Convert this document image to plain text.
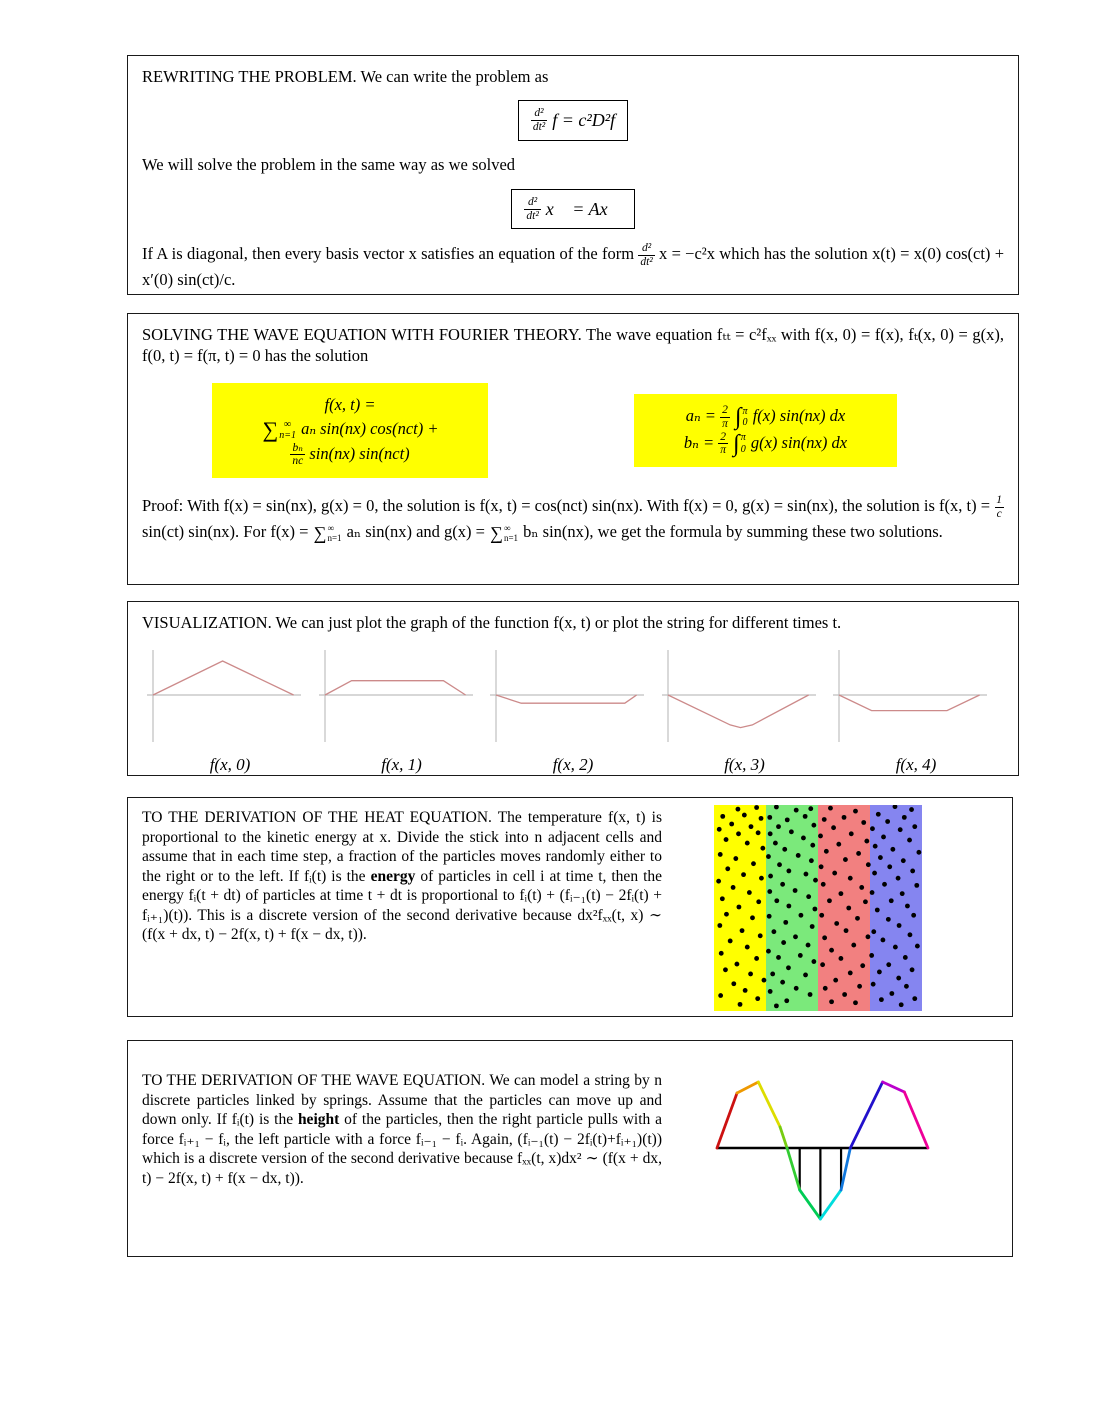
REWRITING THE PROBLEM. We can write the problem as

$\frac{\text{d²}}{\text{dt²}}$ f = c²D²f

We will solve the problem in the same way as we solved

$\frac{\text{d²}}{\text{dt²}}$ x⃗ = Ax⃗

If A is diagonal, then every basis vector x satisfies an equation of the form $\frac{\text{d²}}{\text{dt²}}$ x = −c²x which has the solution x(t) = x(0) cos(ct) + x′(0) sin(ct)/c.

SOLVING THE WAVE EQUATION WITH FOURIER THEORY. The wave equation fₜₜ = c²fₓₓ with f(x, 0) = f(x), fₜ(x, 0) = g(x), f(0, t) = f(π, t) = 0 has the solution

f(x, t) =
∑ ∞
n=1 aₙ sin(nx) cos(nct) +
$\frac{\text{bₙ}}{nc} \sin(nx)$ sin(nct)
$a_n = \frac{2}{\pi}$
∫ π
0 f(x) sin(nx) dx
$b_n = \frac{2}{\pi}$
∫ π
0 g(x) sin(nx) dx

Proof: With f(x) = sin(nx), g(x) = 0, the solution is f(x, t) = cos(nct) sin(nx). With f(x) = 0, g(x) = sin(nx), the solution is f(x, $t) = \frac{1}{c}$
sin(ct) sin(nx). For f(x) = ∑ ∞
n=1 aₙ sin(nx) and g(x) = ∑ ∞
n=1 bₙ sin(nx), we get the formula by summing these two solutions.

VISUALIZATION. We can just plot the graph of the function f(x, t) or plot the string for different times t.

f(x, 0)	f(x, 1)	f(x, 2)	f(x, 3)	f(x, 4)

TO THE DERIVATION OF THE HEAT EQUATION. The temperature f(x, t) is proportional to the kinetic energy at x. Divide the stick into n adjacent cells and assume that in each time step, a fraction of the particles moves randomly either to the right or to the left. If fᵢ(t) is the energy of particles in cell i at time t, then the energy fᵢ(t + dt) of particles at time t + dt is proportional to fᵢ(t) + (fᵢ₋₁(t) − 2fᵢ(t) + fᵢ₊₁)(t)). This is a discrete version of the second derivative because dx²fₓₓ(t, x) ∼ (f(x + dx, t) − 2f(x, t) + f(x − dx, t)).

TO THE DERIVATION OF THE WAVE EQUATION. We can model a string by n discrete particles linked by springs. Assume that the particles can move up and down only. If fᵢ(t) is the height of the particles, then the right particle pulls with a force fᵢ₊₁ − fᵢ, the left particle with a force fᵢ₋₁ − fᵢ. Again, (fᵢ₋₁(t) − 2fᵢ(t)+fᵢ₊₁)(t)) which is a discrete version of the second derivative because fₓₓ(t, x)dx² ∼ (f(x + dx, t) − 2f(x, t) + f(x − dx, t)).
